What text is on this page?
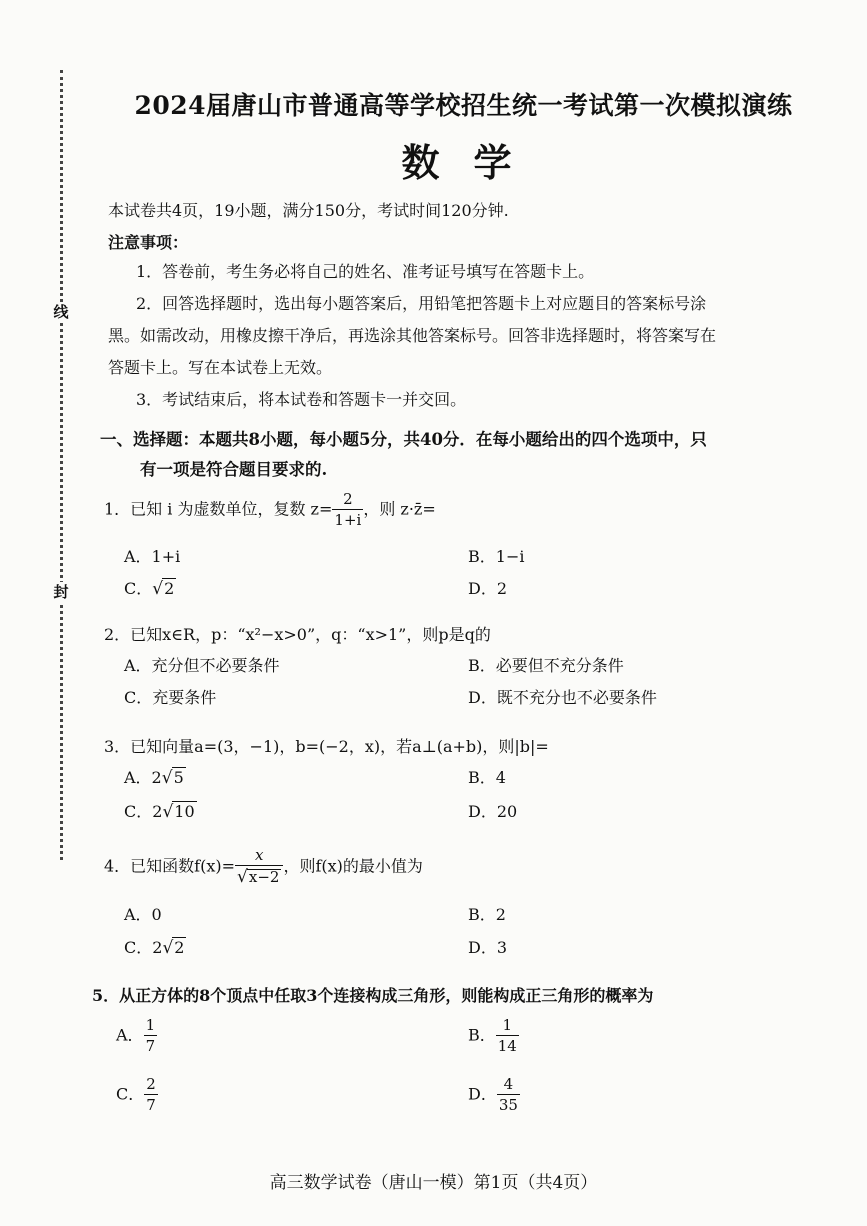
线
封
2024届唐山市普通高等学校招生统一考试第一次模拟演练
数学
本试卷共4页，19小题，满分150分，考试时间120分钟.
注意事项：
1．答卷前，考生务必将自己的姓名、准考证号填写在答题卡上。
2．回答选择题时，选出每小题答案后，用铅笔把答题卡上对应题目的答案标号涂
黑。如需改动，用橡皮擦干净后，再选涂其他答案标号。回答非选择题时，将答案写在
答题卡上。写在本试卷上无效。
3．考试结束后，将本试卷和答题卡一并交回。
一、选择题：本题共8小题，每小题5分，共40分．在每小题给出的四个选项中，只
有一项是符合题目要求的.
1．已知 i 为虚数单位，复数 $z= \frac{2}{1+i}$ ，则 z·z̄=
A．1+i	B．1−i
C．√2	D．2
2．已知x∈R，p：“x²−x>0”，q：“x>1”，则p是q的
A．充分但不必要条件	B．必要但不充分条件
C．充要条件	D．既不充分也不必要条件
3．已知向量a=(3，−1)，b=(−2，x)，若a⊥(a+b)，则|b|=
A．2√5	B．4
C．2√10	D．20
4．已知函数$f(x)= \frac{x}{√x-2}$ ，则f(x)的最小值为
A．0	B．2
C．2√2	D．3
5．从正方体的8个顶点中任取3个连接构成三角形，则能构成正三角形的概率为
A． $\frac{1}{7}$	B． $\frac{1}{14}$
C． $\frac{2}{7}$	D． $\frac{4}{35}$
高三数学试卷（唐山一模）第1页（共4页）
